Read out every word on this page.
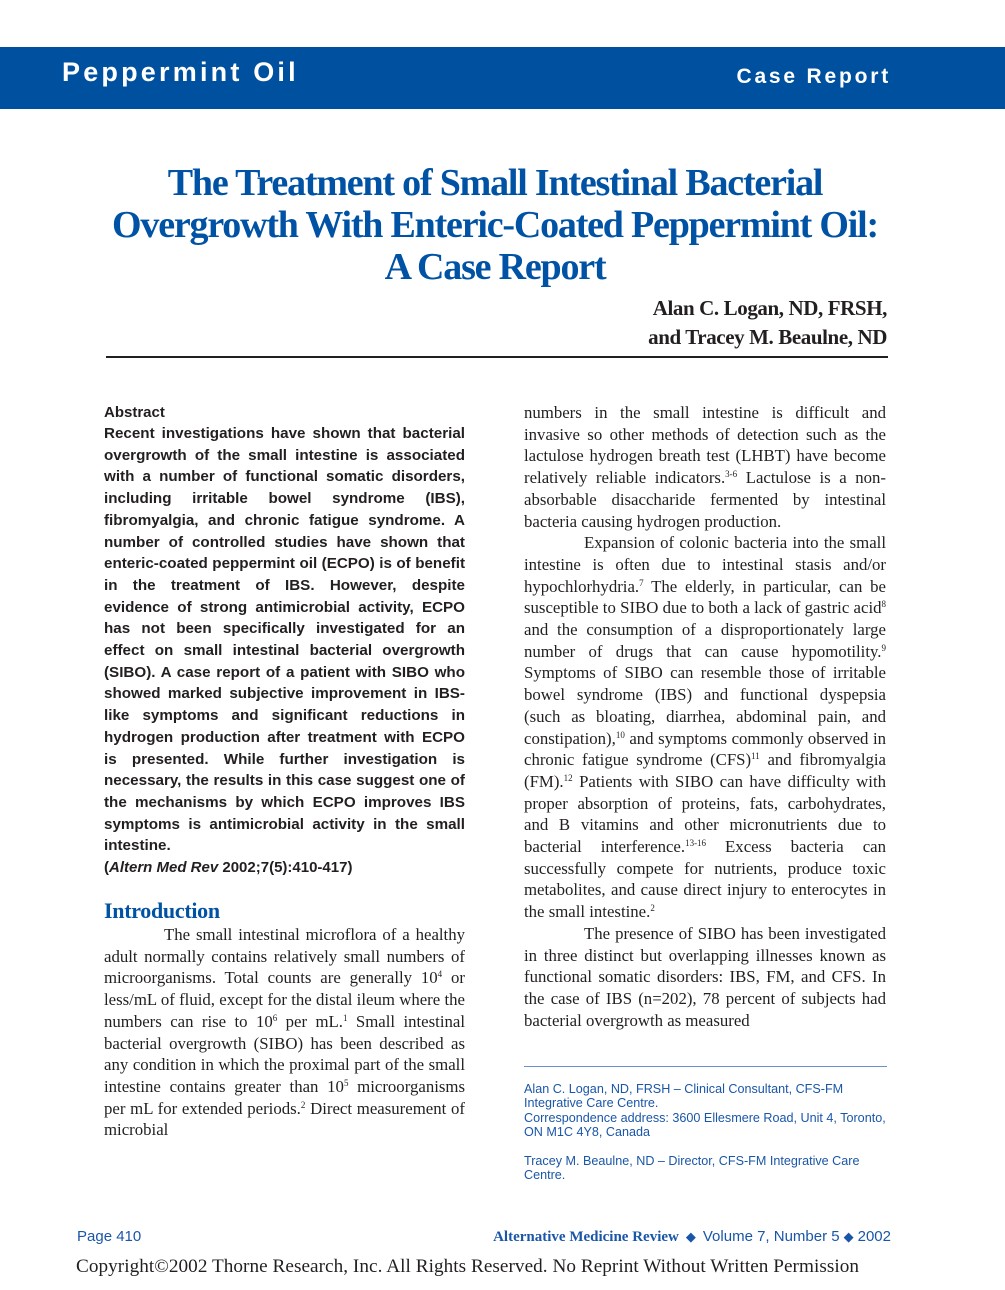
Peppermint Oil	Case Report
The Treatment of Small Intestinal Bacterial Overgrowth With Enteric-Coated Peppermint Oil: A Case Report
Alan C. Logan, ND, FRSH,
and Tracey M. Beaulne, ND
Abstract
Recent investigations have shown that bacterial overgrowth of the small intestine is associated with a number of functional somatic disorders, including irritable bowel syndrome (IBS), fibromyalgia, and chronic fatigue syndrome. A number of controlled studies have shown that enteric-coated peppermint oil (ECPO) is of benefit in the treatment of IBS. However, despite evidence of strong antimicrobial activity, ECPO has not been specifically investigated for an effect on small intestinal bacterial overgrowth (SIBO). A case report of a patient with SIBO who showed marked subjective improvement in IBS-like symptoms and significant reductions in hydrogen production after treatment with ECPO is presented. While further investigation is necessary, the results in this case suggest one of the mechanisms by which ECPO improves IBS symptoms is antimicrobial activity in the small intestine.
(Altern Med Rev 2002;7(5):410-417)
Introduction

The small intestinal microflora of a healthy adult normally contains relatively small numbers of microorganisms. Total counts are generally $10^4$ or less/mL of fluid, except for the distal ileum where the numbers can rise to $10^6$ per mL.$^1$ Small intestinal bacterial overgrowth (SIBO) has been described as any condition in which the proximal part of the small intestine contains greater than $10^5$ microorganisms per mL for extended periods.$^2$ Direct measurement of microbial

numbers in the small intestine is difficult and invasive so other methods of detection such as the lactulose hydrogen breath test (LHBT) have become relatively reliable indicators.$^{3-6}$ Lactulose is a non-absorbable disaccharide fermented by intestinal bacteria causing hydrogen production.

Expansion of colonic bacteria into the small intestine is often due to intestinal stasis and/or hypochlorhydria.$^7$ The elderly, in particular, can be susceptible to SIBO due to both a lack of gastric acid$^8$ and the consumption of a disproportionately large number of drugs that can cause hypomotility.$^9$ Symptoms of SIBO can resemble those of irritable bowel syndrome (IBS) and functional dyspepsia (such as bloating, diarrhea, abdominal pain, and constipation),$^{10}$ and symptoms commonly observed in chronic fatigue syndrome (CFS)$^{11}$ and fibromyalgia (FM).$^{12}$ Patients with SIBO can have difficulty with proper absorption of proteins, fats, carbohydrates, and B vitamins and other micronutrients due to bacterial interference.$^{13-16}$ Excess bacteria can successfully compete for nutrients, produce toxic metabolites, and cause direct injury to enterocytes in the small intestine.$^2$

The presence of SIBO has been investigated in three distinct but overlapping illnesses known as functional somatic disorders: IBS, FM, and CFS. In the case of IBS (n=202), 78 percent of subjects had bacterial overgrowth as measured

Alan C. Logan, ND, FRSH – Clinical Consultant, CFS-FM Integrative Care Centre.
Correspondence address: 3600 Ellesmere Road, Unit 4, Toronto, ON M1C 4Y8, Canada

Tracey M. Beaulne, ND – Director, CFS-FM Integrative Care Centre.

Page 410	Alternative Medicine Review ◆ Volume 7, Number 5 ◆ 2002
Copyright©2002 Thorne Research, Inc. All Rights Reserved. No Reprint Without Written Permission
